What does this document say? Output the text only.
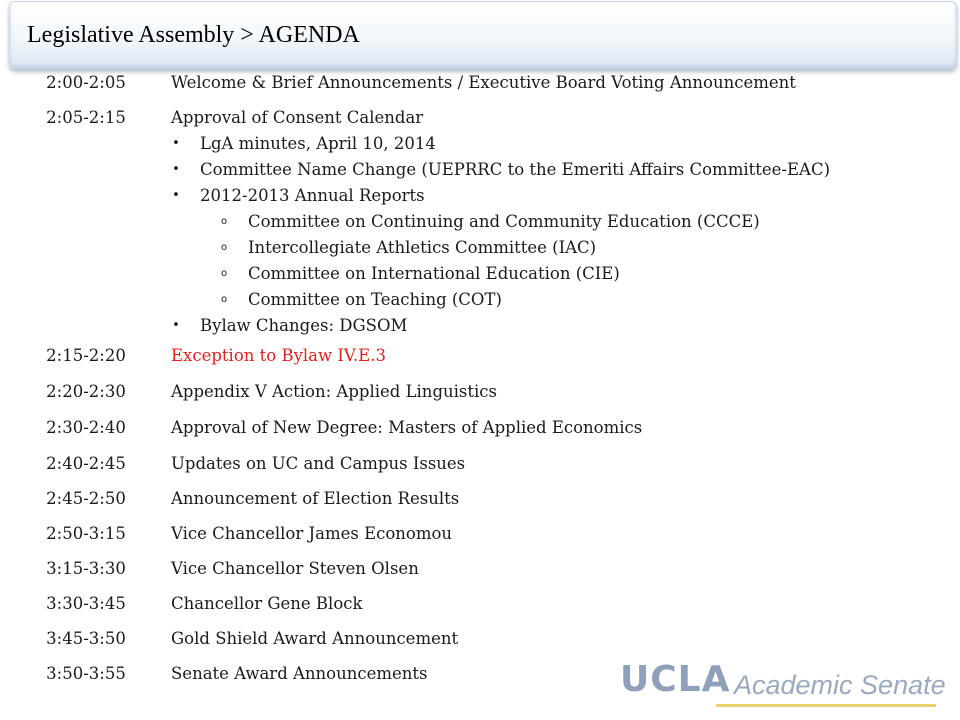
Legislative Assembly > AGENDA
2:00-2:05	Welcome & Brief Announcements / Executive Board Voting Announcement
2:05-2:15	Approval of Consent Calendar
• LgA minutes, April 10, 2014
• Committee Name Change (UEPRRC to the Emeriti Affairs Committee-EAC)
• 2012-2013 Annual Reports
o Committee on Continuing and Community Education (CCCE)
o Intercollegiate Athletics Committee (IAC)
o Committee on International Education (CIE)
o Committee on Teaching (COT)
• Bylaw Changes: DGSOM
2:15-2:20	Exception to Bylaw IV.E.3
2:20-2:30	Appendix V Action: Applied Linguistics
2:30-2:40	Approval of New Degree: Masters of Applied Economics
2:40-2:45	Updates on UC and Campus Issues
2:45-2:50	Announcement of Election Results
2:50-3:15	Vice Chancellor James Economou
3:15-3:30	Vice Chancellor Steven Olsen
3:30-3:45	Chancellor Gene Block
3:45-3:50	Gold Shield Award Announcement
3:50-3:55	Senate Award Announcements	UCLA Academic Senate
